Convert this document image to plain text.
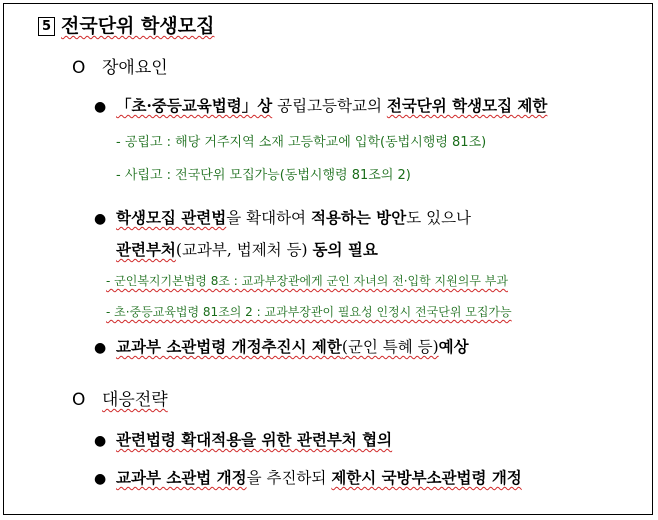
5 전국단위 학생모집
O 장애요인
● 「초·중등교육법령」상 공립고등학교의 전국단위 학생모집 제한
- 공립고 : 해당 거주지역 소재 고등학교에 입학(동법시행령 81조)
- 사립고 : 전국단위 모집가능(동법시행령 81조의 2)
● 학생모집 관련법을 확대하여 적용하는 방안도 있으나
관련부처(교과부, 법제처 등) 동의 필요
- 군인복지기본법령 8조 : 교과부장관에게 군인 자녀의 전·입학 지원의무 부과
- 초·중등교육법령 81조의 2 : 교과부장관이 필요성 인정시 전국단위 모집가능
● 교과부 소관법령 개정추진시 제한(군인 특혜 등)예상
O 대응전략
● 관련법령 확대적용을 위한 관련부처 협의
● 교과부 소관법 개정을 추진하되 제한시 국방부소관법령 개정
